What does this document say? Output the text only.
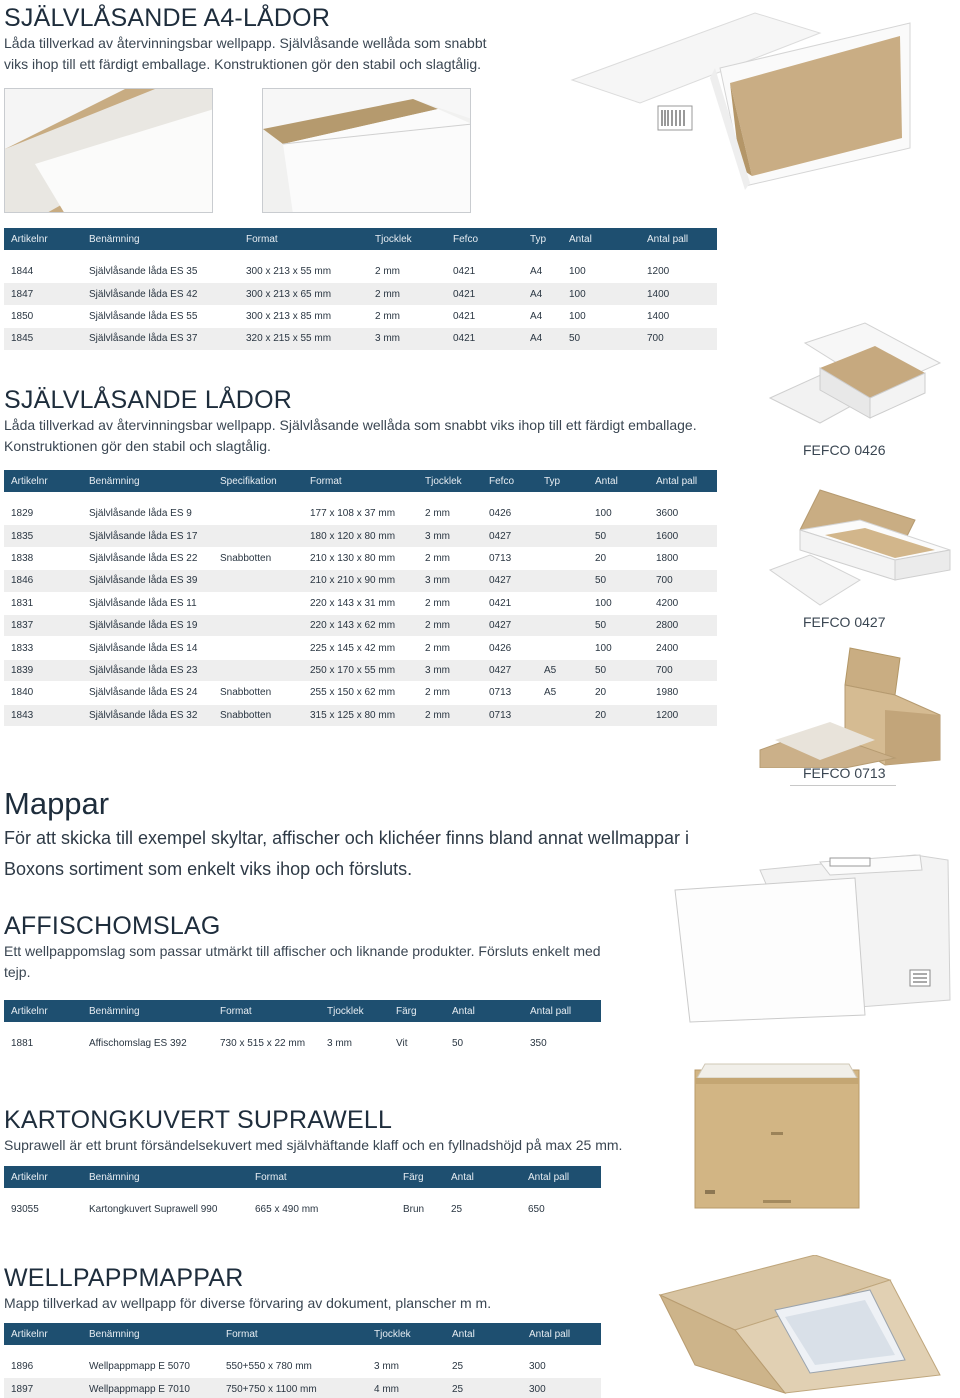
SJÄLVLÅSANDE A4-LÅDOR

Låda tillverkad av återvinningsbar wellpapp. Självlåsande wellåda som snabbt viks ihop till ett färdigt emballage. Konstruktionen gör den stabil och slagtålig.

Artikelnr	Benämning	Format	Tjocklek	Fefco	Typ	Antal	Antal pall

1844	Självlåsande låda ES 35	300 x 213 x 55 mm	2 mm	0421	A4	100	1200
1847	Självlåsande låda ES 42	300 x 213 x 65 mm	2 mm	0421	A4	100	1400
1850	Självlåsande låda ES 55	300 x 213 x 85 mm	2 mm	0421	A4	100	1400
1845	Självlåsande låda ES 37	320 x 215 x 55 mm	3 mm	0421	A4	50	700
SJÄLVLÅSANDE LÅDOR

Låda tillverkad av återvinningsbar wellpapp. Självlåsande wellåda som snabbt viks ihop till ett färdigt emballage.

Konstruktionen gör den stabil och slagtålig.	FEFCO 0426
FEFCO 0427
FEFCO 0713
Artikelnr	Benämning	Specifikation	Format	Tjocklek	Fefco	Typ	Antal	Antal pall

1829	Självlåsande låda ES 9		177 x 108 x 37 mm	2 mm	0426		100	3600
1835	Självlåsande låda ES 17		180 x 120 x 80 mm	3 mm	0427		50	1600
1838	Självlåsande låda ES 22	Snabbotten	210 x 130 x 80 mm	2 mm	0713		20	1800
1846	Självlåsande låda ES 39		210 x 210 x 90 mm	3 mm	0427		50	700
1831	Självlåsande låda ES 11		220 x 143 x 31 mm	2 mm	0421		100	4200
1837	Självlåsande låda ES 19		220 x 143 x 62 mm	2 mm	0427		50	2800
1833	Självlåsande låda ES 14		225 x 145 x 42 mm	2 mm	0426		100	2400
1839	Självlåsande låda ES 23		250 x 170 x 55 mm	3 mm	0427	A5	50	700
1840	Självlåsande låda ES 24	Snabbotten	255 x 150 x 62 mm	2 mm	0713	A5	20	1980
1843	Självlåsande låda ES 32	Snabbotten	315 x 125 x 80 mm	2 mm	0713		20	1200
Mappar

För att skicka till exempel skyltar, affischer och klichéer finns bland annat wellmappar i

Boxons sortiment som enkelt viks ihop och försluts.

AFFISCHOMSLAG

Ett wellpappomslag som passar utmärkt till affischer och liknande produkter. Försluts enkelt med

tejp.

Artikelnr	Benämning	Format	Tjocklek	Färg	Antal	Antal pall

1881	Affischomslag ES 392	730 x 515 x 22 mm	3 mm	Vit	50	350
KARTONGKUVERT SUPRAWELL

Suprawell är ett brunt försändelsekuvert med självhäftande klaff och en fyllnadshöjd på max 25 mm.

Artikelnr	Benämning	Format	Färg	Antal	Antal pall

93055	Kartongkuvert Suprawell 990	665 x 490 mm	Brun	25	650
WELLPAPPMAPPAR

Mapp tillverkad av wellpapp för diverse förvaring av dokument, planscher m m.

Artikelnr	Benämning	Format	Tjocklek	Antal	Antal pall

1896	Wellpappmapp E 5070	550+550 x 780 mm	3 mm	25	300
1897	Wellpappmapp E 7010	750+750 x 1100 mm	4 mm	25	300
